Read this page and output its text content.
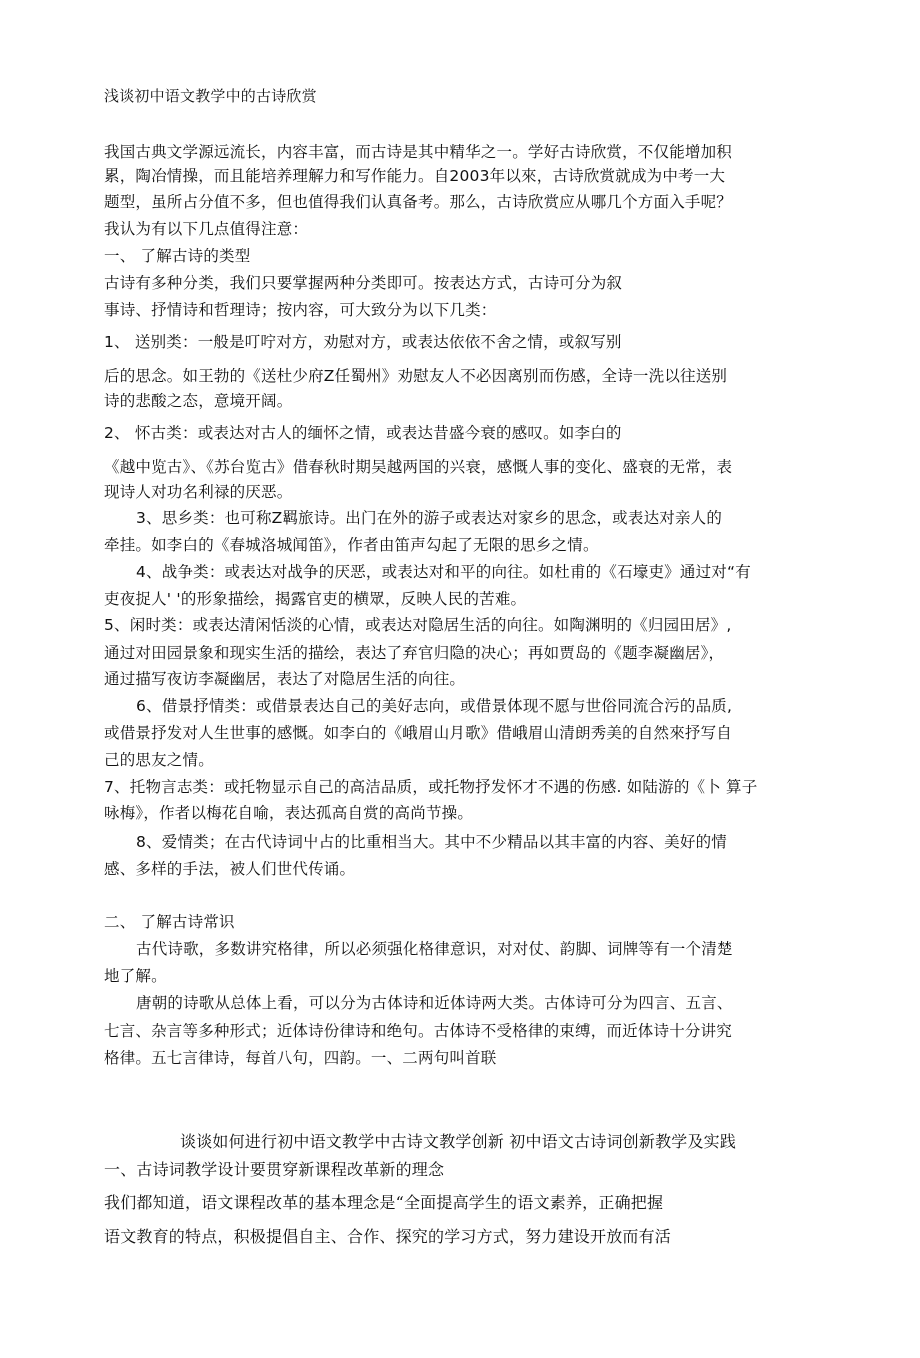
浅谈初中语文教学中的古诗欣赏
我国古典文学源远流长，内容丰富，而古诗是其中精华之一。学好古诗欣赏，不仅能增加积
累，陶冶情操，而且能培养理解力和写作能力。自2003年以來，古诗欣赏就成为中考一大
题型，虽所占分值不多，但也值得我们认真备考。那么，古诗欣赏应从哪几个方面入手呢？
我认为有以下几点值得注意：
一、 了解古诗的类型
古诗有多种分类，我们只要掌握两种分类即可。按表达方式，古诗可分为叙
事诗、抒情诗和哲理诗；按内容，可大致分为以下几类：
1、 送别类：一般是叮咛对方，劝慰对方，或表达依依不舍之情，或叙写别
后的思念。如王勃的《送杜少府Z任蜀州》劝慰友人不必因离别而伤感，全诗一洗以往送别
诗的悲酸之态，意境开阔。
2、 怀古类：或表达对古人的缅怀之情，或表达昔盛今衰的感叹。如李白的
《越中览古》、《苏台览古》借春秋时期吴越两国的兴衰，感慨人事的变化、盛衰的无常，表
现诗人对功名利禄的厌恶。
3、思乡类：也可称Z羁旅诗。出门在外的游子或表达对家乡的思念，或表达对亲人的
牵挂。如李白的《春城洛城闻笛》，作者由笛声勾起了无限的思乡之情。
4、战争类：或表达对战争的厌恶，或表达对和平的向往。如杜甫的《石壕吏》通过对“有
吏夜捉人' '的形象描绘，揭露官吏的横眾，反映人民的苦难。
5、闲时类：或表达清闲恬淡的心情，或表达对隐居生活的向往。如陶渊明的《归园田居》,
通过对田园景象和现实生活的描绘，表达了弃官归隐的决心；再如贾岛的《题李凝幽居》，
通过描写夜访李凝幽居，表达了对隐居生活的向往。
6、借景抒情类：或借景表达自己的美好志向，或借景体现不愿与世俗同流合污的品质,
或借景抒发对人生世事的感慨。如李白的《峨眉山月歌》借峨眉山清朗秀美的自然來抒写自
己的思友之情。
7、托物言志类：或托物显示自己的高洁品质，或托物抒发怀才不遇的伤感. 如陆游的《卜 算子
咏梅》，作者以梅花自喻，表达孤高自赏的高尚节操。
8、爱情类；在古代诗词屮占的比重相当大。其中不少精品以其丰富的内容、美好的情
感、多样的手法，被人们世代传诵。
二、 了解古诗常识
古代诗歌，多数讲究格律，所以必须强化格律意识，对对仗、韵脚、词牌等有一个清楚
地了解。
唐朝的诗歌从总体上看，可以分为古体诗和近体诗两大类。古体诗可分为四言、五言、
七言、杂言等多种形式；近体诗份律诗和绝句。古体诗不受格律的束缚，而近体诗十分讲究
格律。五七言律诗，每首八句，四韵。一、二两句叫首联
谈谈如何进行初中语文教学中古诗文教学创新 初中语文古诗词创新教学及实践
一、古诗词教学设计要贯穿新课程改革新的理念
我们都知道，语文课程改革的基本理念是“全面提高学生的语文素养，正确把握
语文教育的特点，积极提倡自主、合作、探究的学习方式，努力建设开放而有活
